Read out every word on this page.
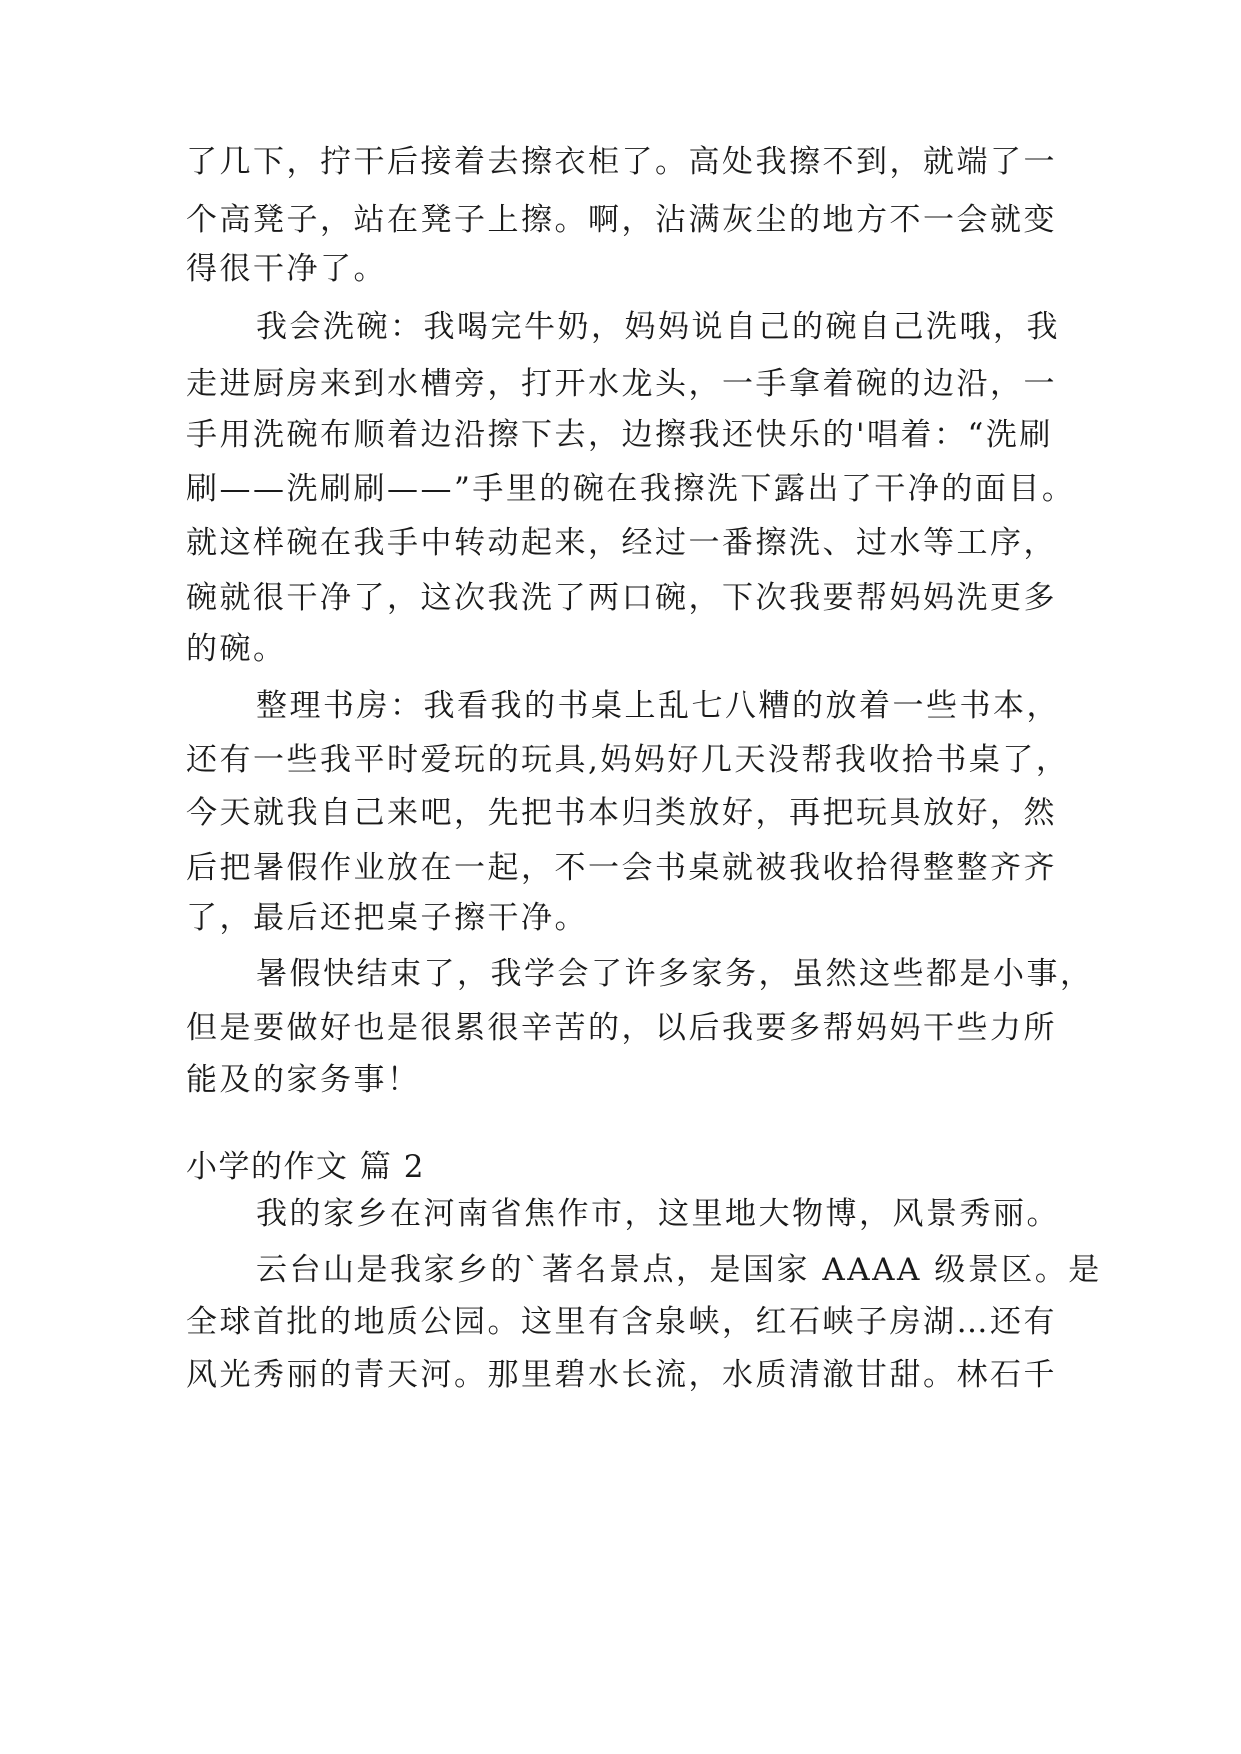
了几下，拧干后接着去擦衣柜了。高处我擦不到，就端了一
个高凳子，站在凳子上擦。啊，沾满灰尘的地方不一会就变
得很干净了。
我会洗碗：我喝完牛奶，妈妈说自己的碗自己洗哦，我
走进厨房来到水槽旁，打开水龙头，一手拿着碗的边沿，一
手用洗碗布顺着边沿擦下去，边擦我还快乐的'唱着：“洗刷
刷——洗刷刷——”手里的碗在我擦洗下露出了干净的面目。
就这样碗在我手中转动起来，经过一番擦洗、过水等工序，
碗就很干净了，这次我洗了两口碗，下次我要帮妈妈洗更多
的碗。
整理书房：我看我的书桌上乱七八糟的放着一些书本，
还有一些我平时爱玩的玩具,妈妈好几天没帮我收拾书桌了，
今天就我自己来吧，先把书本归类放好，再把玩具放好，然
后把暑假作业放在一起，不一会书桌就被我收拾得整整齐齐
了，最后还把桌子擦干净。
暑假快结束了，我学会了许多家务，虽然这些都是小事，
但是要做好也是很累很辛苦的，以后我要多帮妈妈干些力所
能及的家务事！
小学的作文 篇 2
我的家乡在河南省焦作市，这里地大物博，风景秀丽。
云台山是我家乡的`著名景点，是国家 AAAA 级景区。是
全球首批的地质公园。这里有含泉峡，红石峡子房湖…还有
风光秀丽的青天河。那里碧水长流，水质清澈甘甜。林石千
